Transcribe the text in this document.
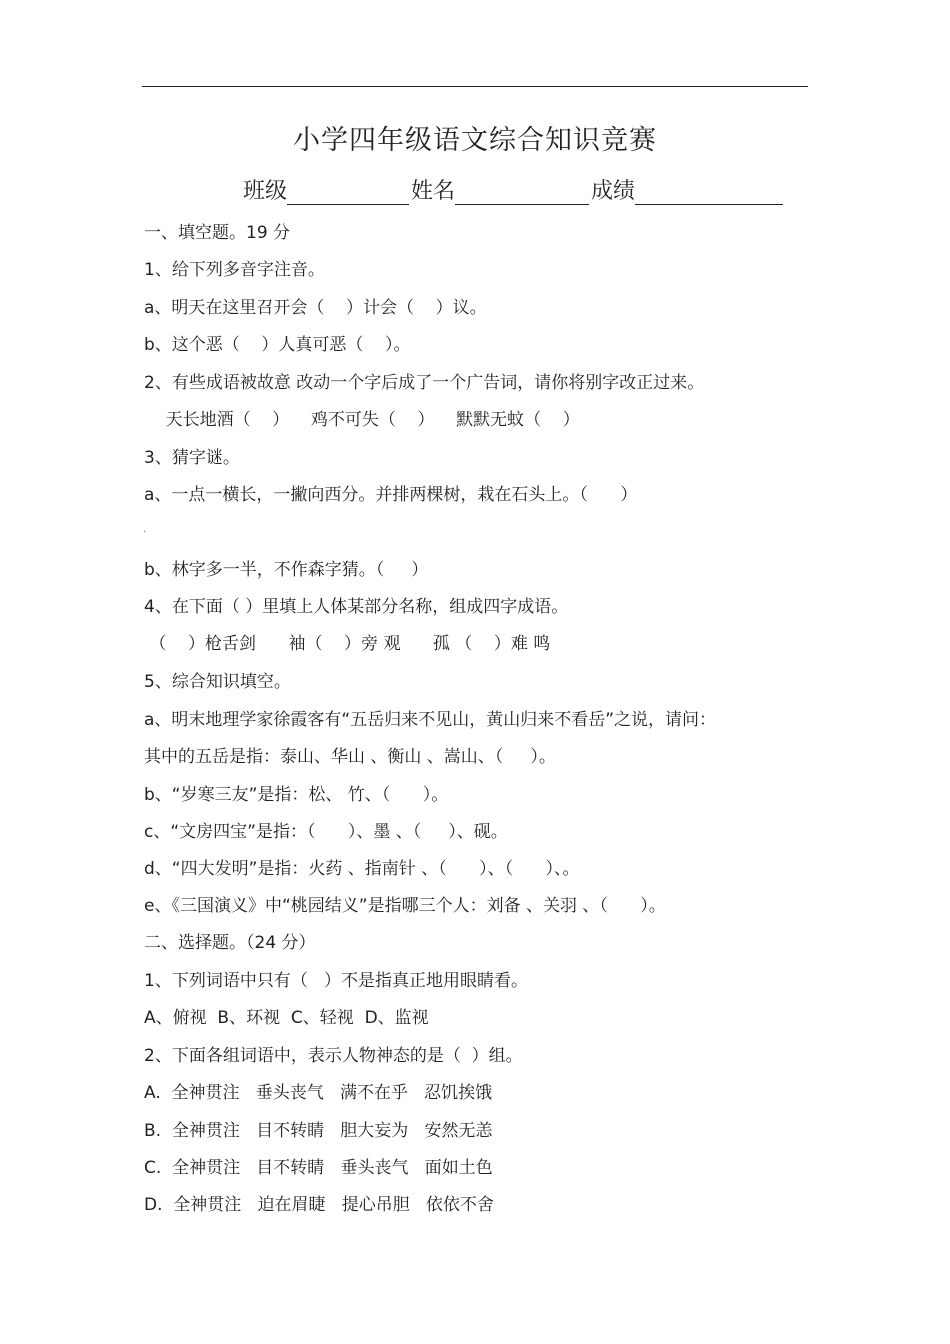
小学四年级语文综合知识竞赛
班级	姓名	成绩
一、填空题。19 分
1、给下列多音字注音。
a、明天在这里召开会（    ）计会（    ）议。
b、这个恶（    ）人真可恶（    ）。
2、有些成语被故意 改动一个字后成了一个广告词，请你将别字改正过来。
天长地酒（    ）    鸡不可失（    ）    默默无蚊（    ）
3、猜字谜。
a、一点一横长，一撇向西分。并排两棵树，栽在石头上。（      ）
'
b、林字多一半，不作森字猜。（     ）
4、在下面（ ）里填上人体某部分名称，组成四字成语。
（    ）枪舌剑      袖（    ）旁 观      孤 （    ）难 鸣
5、综合知识填空。
a、明末地理学家徐霞客有“五岳归来不见山，黄山归来不看岳”之说，请问：
其中的五岳是指：泰山、华山 、衡山 、嵩山、（     ）。
b、“岁寒三友”是指：松、 竹、（      ）。
c、“文房四宝”是指：（      ）、墨 、（     ）、砚。
d、“四大发明”是指：火药 、指南针 、（      ）、（      ）、。
e、《三国演义》中“桃园结义”是指哪三个人：刘备 、关羽 、（      ）。
二、选择题。（24 分）
1、下列词语中只有（   ）不是指真正地用眼睛看。
A、俯视  B、环视  C、轻视  D、监视
2、下面各组词语中，表示人物神态的是（  ）组。
A.  全神贯注   垂头丧气   满不在乎   忍饥挨饿
B.  全神贯注   目不转睛   胆大妄为   安然无恙
C.  全神贯注   目不转睛   垂头丧气   面如土色
D.  全神贯注   迫在眉睫   提心吊胆   依依不舍
